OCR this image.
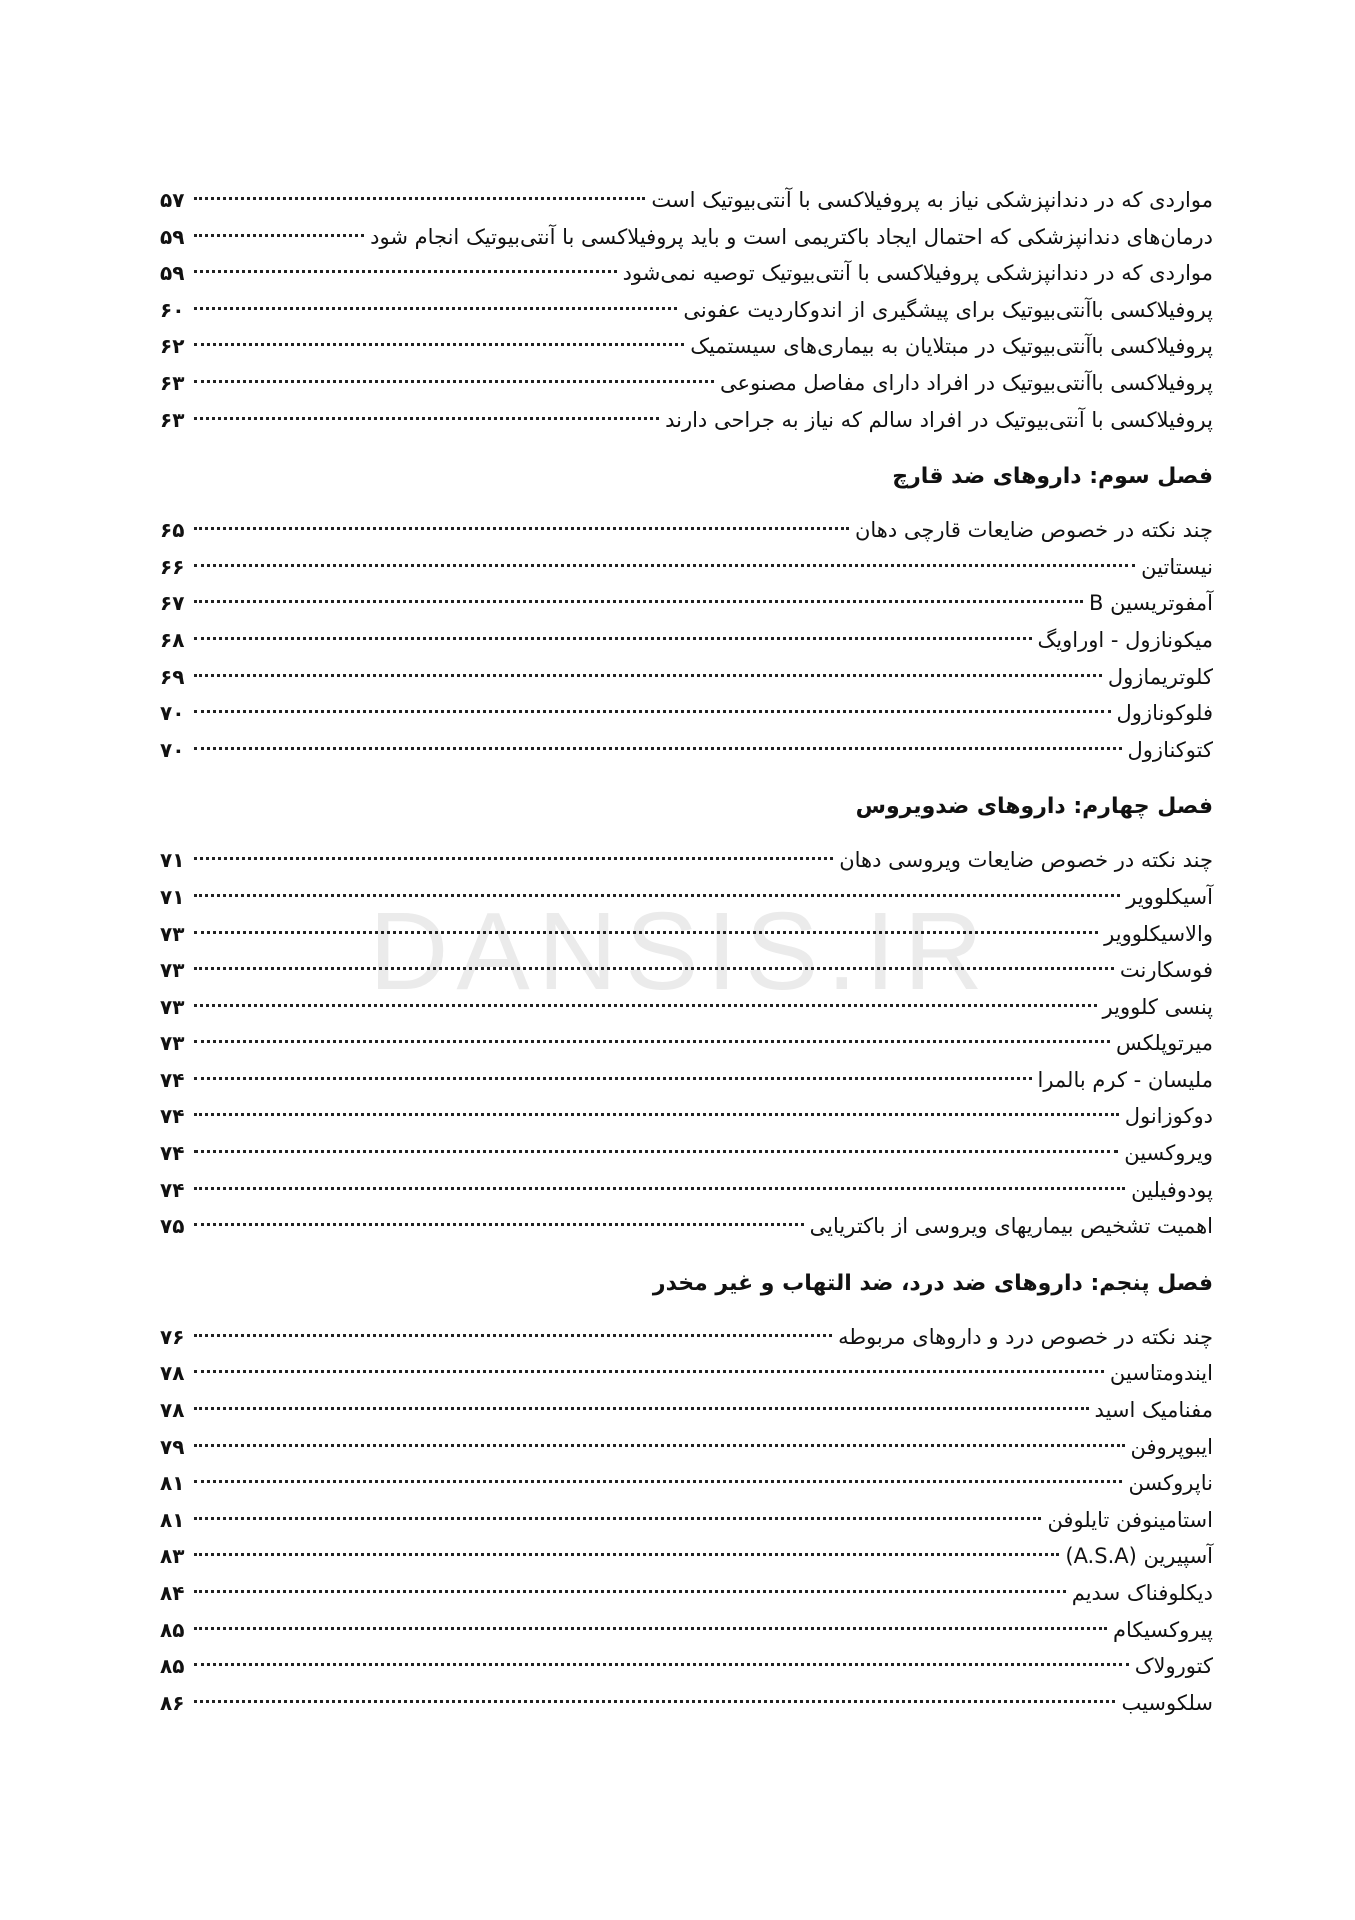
DANSIS.IR
مواردی که در دندانپزشکی نیاز به پروفیلاکسی با آنتی‌بیوتیک است
۵۷
درمان‌های دندانپزشکی که احتمال ایجاد باکتریمی است و باید پروفیلاکسی با آنتی‌بیوتیک انجام شود
۵۹
مواردی که در دندانپزشکی پروفیلاکسی با آنتی‌بیوتیک توصیه نمی‌شود
۵۹
پروفیلاکسی باآنتی‌بیوتیک برای پیشگیری از اندوکاردیت عفونی
۶۰
پروفیلاکسی باآنتی‌بیوتیک در مبتلایان به بیماری‌های سیستمیک
۶۲
پروفیلاکسی باآنتی‌بیوتیک در افراد دارای مفاصل مصنوعی
۶۳
پروفیلاکسی با آنتی‌بیوتیک در افراد سالم که نیاز به جراحی دارند
۶۳
فصل سوم: داروهای ضد قارچ
چند نکته در خصوص ضایعات قارچی دهان
۶۵
نیستاتین
۶۶
آمفوتریسین B
۶۷
میکونازول - اوراویگ
۶۸
کلوتریمازول
۶۹
فلوکونازول
۷۰
کتوکنازول
۷۰
فصل چهارم: داروهای ضدویروس
چند نکته در خصوص ضایعات ویروسی دهان
۷۱
آسیکلوویر
۷۱
والاسیکلوویر
۷۳
فوسکارنت
۷۳
پنسی کلوویر
۷۳
میرتوپلکس
۷۳
ملیسان - کرم بالمرا
۷۴
دوکوزانول
۷۴
ویروکسین
۷۴
پودوفیلین
۷۴
اهمیت تشخیص بیماریهای ویروسی از باکتریایی
۷۵
فصل پنجم: داروهای ضد درد، ضد التهاب و غیر مخدر
چند نکته در خصوص درد و داروهای مربوطه
۷۶
ایندومتاسین
۷۸
مفنامیک اسید
۷۸
ایبوپروفن
۷۹
ناپروکسن
۸۱
استامینوفن تایلوفن
۸۱
آسپیرین (A.S.A)
۸۳
دیکلوفناک سدیم
۸۴
پیروکسیکام
۸۵
کتورولاک
۸۵
سلکوسیب
۸۶
